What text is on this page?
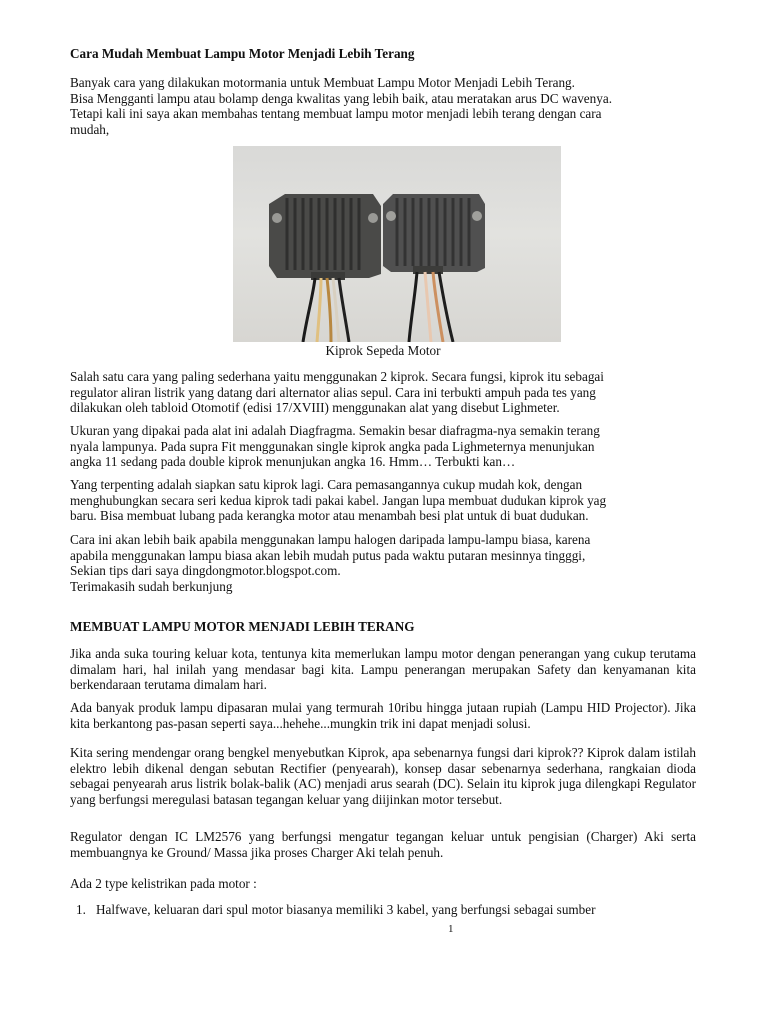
Cara Mudah Membuat Lampu Motor Menjadi Lebih Terang
Banyak cara yang dilakukan motormania untuk Membuat Lampu Motor Menjadi Lebih Terang.
Bisa Mengganti lampu atau bolamp denga kwalitas yang lebih baik, atau meratakan arus DC wavenya.
Tetapi kali ini saya akan membahas tentang membuat lampu motor menjadi lebih terang dengan cara
mudah,
Kiprok Sepeda Motor
Salah satu cara yang paling sederhana yaitu menggunakan 2 kiprok. Secara fungsi, kiprok itu sebagai
regulator aliran listrik yang datang dari alternator alias sepul. Cara ini terbukti ampuh pada tes yang
dilakukan oleh tabloid Otomotif (edisi 17/XVIII) menggunakan alat yang disebut Lighmeter.
Ukuran yang dipakai pada alat ini adalah Diagfragma. Semakin besar diafragma-nya semakin terang
nyala lampunya. Pada supra Fit menggunakan single kiprok angka pada Lighmeternya menunjukan
angka 11 sedang pada double kiprok menunjukan angka 16. Hmm… Terbukti kan…
Yang terpenting adalah siapkan satu kiprok lagi. Cara pemasangannya cukup mudah kok, dengan
menghubungkan secara seri kedua kiprok tadi pakai kabel. Jangan lupa membuat dudukan kiprok yag
baru. Bisa membuat lubang pada kerangka motor atau menambah besi plat untuk di buat dudukan.
Cara ini akan lebih baik apabila menggunakan lampu halogen daripada lampu-lampu biasa, karena
apabila menggunakan lampu biasa akan lebih mudah putus pada waktu putaran mesinnya tingggi,
Sekian tips dari saya dingdongmotor.blogspot.com.
Terimakasih sudah berkunjung
MEMBUAT LAMPU MOTOR MENJADI LEBIH TERANG
Jika anda suka touring keluar kota, tentunya kita memerlukan lampu motor dengan penerangan yang cukup terutama dimalam hari, hal inilah yang mendasar bagi kita. Lampu penerangan merupakan Safety dan kenyamanan kita berkendaraan terutama dimalam hari.
Ada banyak produk lampu dipasaran mulai yang termurah 10ribu hingga jutaan rupiah (Lampu HID Projector). Jika kita berkantong pas-pasan seperti saya...hehehe...mungkin trik ini dapat menjadi solusi.
Kita sering mendengar orang bengkel menyebutkan Kiprok, apa sebenarnya fungsi dari kiprok?? Kiprok dalam istilah elektro lebih dikenal dengan sebutan Rectifier (penyearah), konsep dasar sebenarnya sederhana, rangkaian dioda sebagai penyearah arus listrik bolak-balik (AC) menjadi arus searah (DC). Selain itu kiprok juga dilengkapi Regulator yang berfungsi meregulasi batasan tegangan keluar yang diijinkan motor tersebut.
Regulator dengan IC LM2576 yang berfungsi mengatur tegangan keluar untuk pengisian (Charger) Aki serta membuangnya ke Ground/ Massa jika proses Charger Aki telah penuh.
Ada 2 type kelistrikan pada motor :
1. Halfwave, keluaran dari spul motor biasanya memiliki 3 kabel, yang berfungsi sebagai sumber
1
